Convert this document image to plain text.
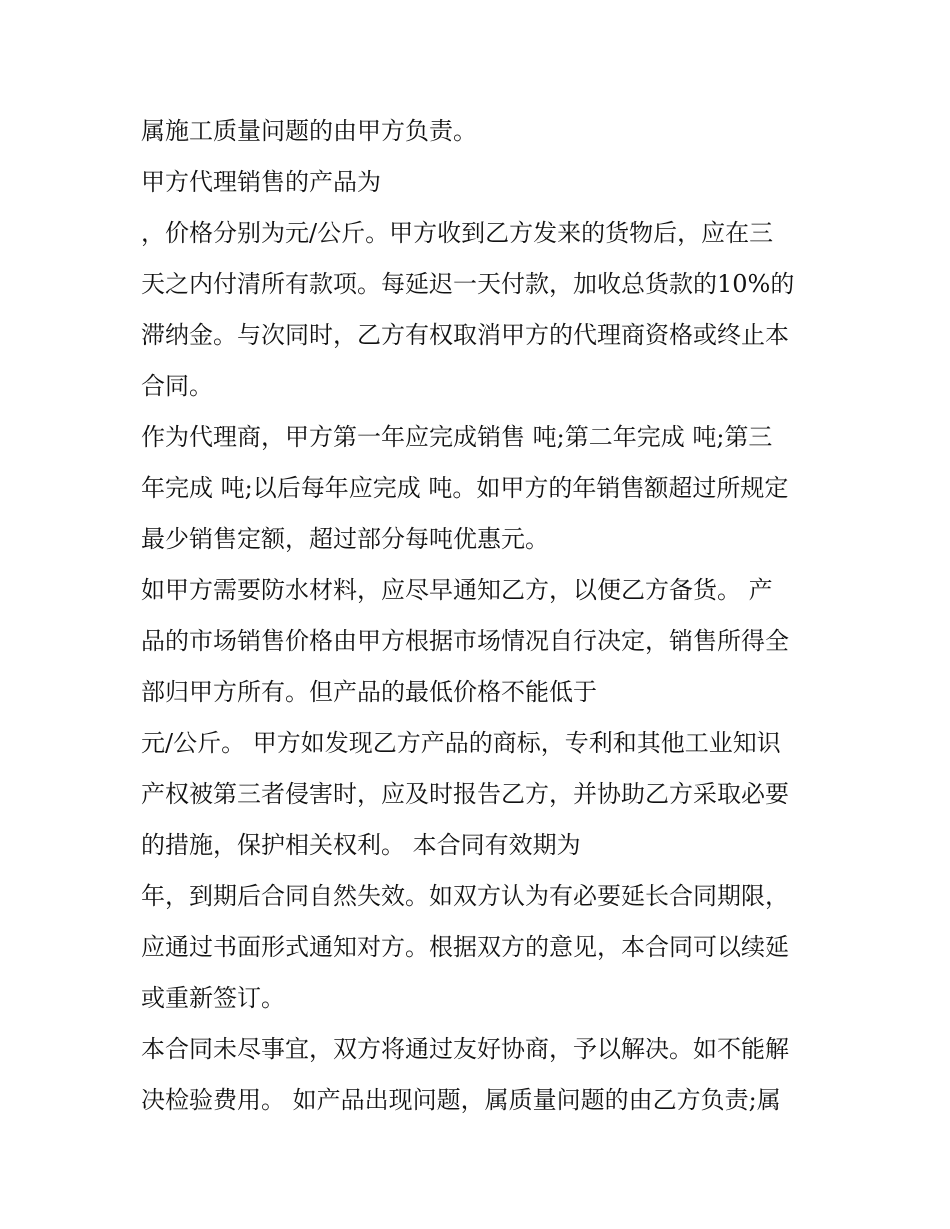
属施工质量问题的由甲方负责。
甲方代理销售的产品为
，价格分别为元/公斤。甲方收到乙方发来的货物后，应在三
天之内付清所有款项。每延迟一天付款，加收总货款的10%的
滞纳金。与次同时，乙方有权取消甲方的代理商资格或终止本
合同。
作为代理商，甲方第一年应完成销售 吨;第二年完成 吨;第三
年完成 吨;以后每年应完成 吨。如甲方的年销售额超过所规定
最少销售定额，超过部分每吨优惠元。
如甲方需要防水材料，应尽早通知乙方，以便乙方备货。 产
品的市场销售价格由甲方根据市场情况自行决定，销售所得全
部归甲方所有。但产品的最低价格不能低于
元/公斤。 甲方如发现乙方产品的商标，专利和其他工业知识
产权被第三者侵害时，应及时报告乙方，并协助乙方采取必要
的措施，保护相关权利。 本合同有效期为
年，到期后合同自然失效。如双方认为有必要延长合同期限，
应通过书面形式通知对方。根据双方的意见，本合同可以续延
或重新签订。
本合同未尽事宜，双方将通过友好协商，予以解决。如不能解
决检验费用。 如产品出现问题，属质量问题的由乙方负责;属
